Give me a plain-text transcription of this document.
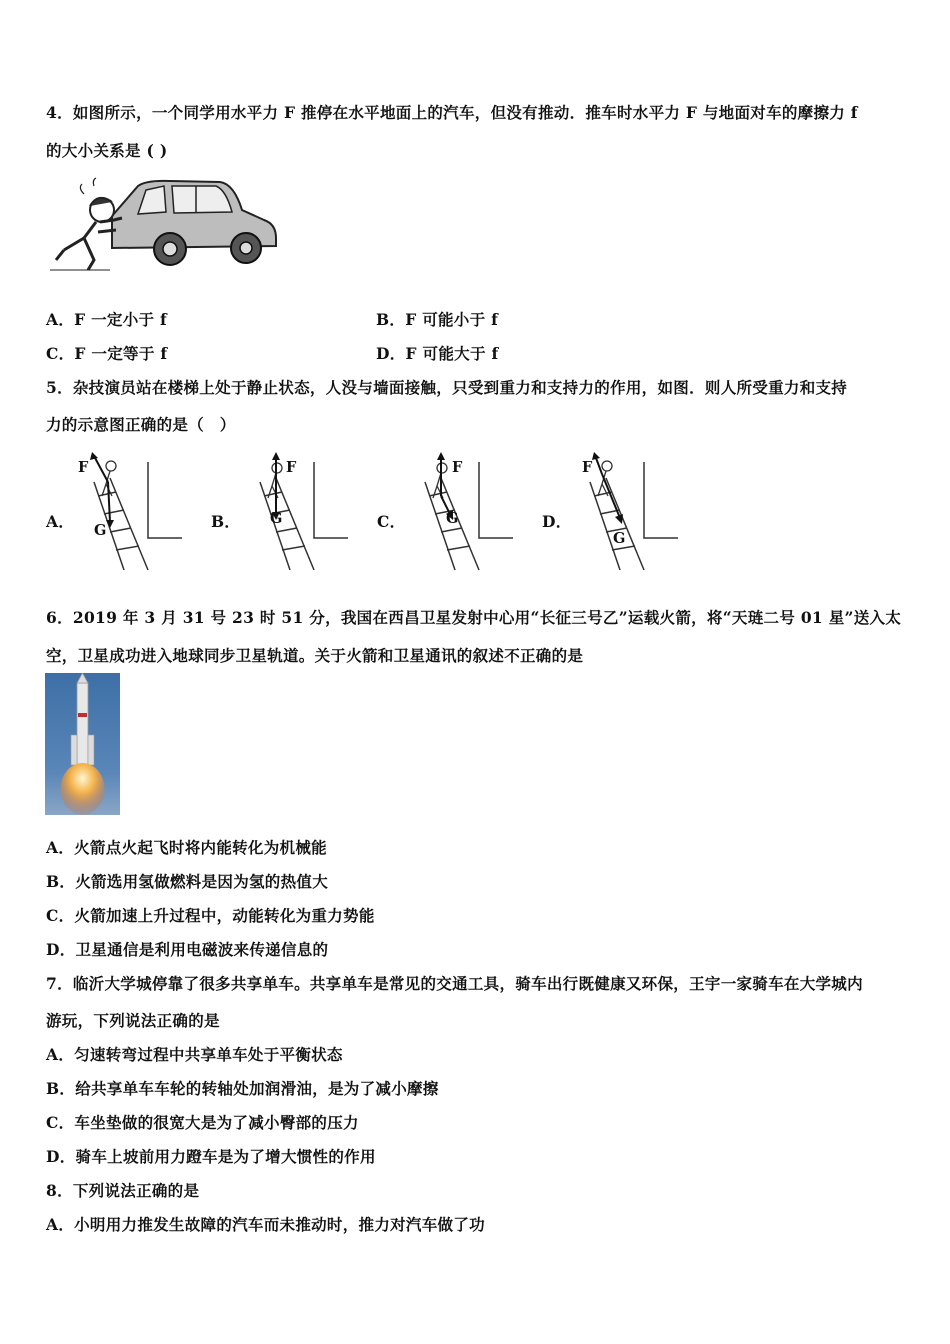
4．如图所示，一个同学用水平力 F 推停在水平地面上的汽车，但没有推动．推车时水平力 F 与地面对车的摩擦力 f
的大小关系是 ( )
A．F 一定小于 f	B．F 可能小于 f
C．F 一定等于 f	D．F 可能大于 f
5．杂技演员站在楼梯上处于静止状态，人没与墙面接触，只受到重力和支持力的作用，如图．则人所受重力和支持
力的示意图正确的是（　）
A．	B．	C．	D．
F
G
F
G
F
G
F
G
6．2019 年 3 月 31 号 23 时 51 分，我国在西昌卫星发射中心用“长征三号乙”运载火箭，将“天琏二号 01 星”送入太
空，卫星成功进入地球同步卫星轨道。关于火箭和卫星通讯的叙述不正确的是
A．火箭点火起飞时将内能转化为机械能
B．火箭选用氢做燃料是因为氢的热值大
C．火箭加速上升过程中，动能转化为重力势能
D．卫星通信是利用电磁波来传递信息的
7．临沂大学城停靠了很多共享单车。共享单车是常见的交通工具，骑车出行既健康又环保，王宇一家骑车在大学城内
游玩，下列说法正确的是
A．匀速转弯过程中共享单车处于平衡状态
B．给共享单车车轮的转轴处加润滑油，是为了减小摩擦
C．车坐垫做的很宽大是为了减小臀部的压力
D．骑车上坡前用力蹬车是为了增大惯性的作用
8．下列说法正确的是
A．小明用力推发生故障的汽车而未推动时，推力对汽车做了功
